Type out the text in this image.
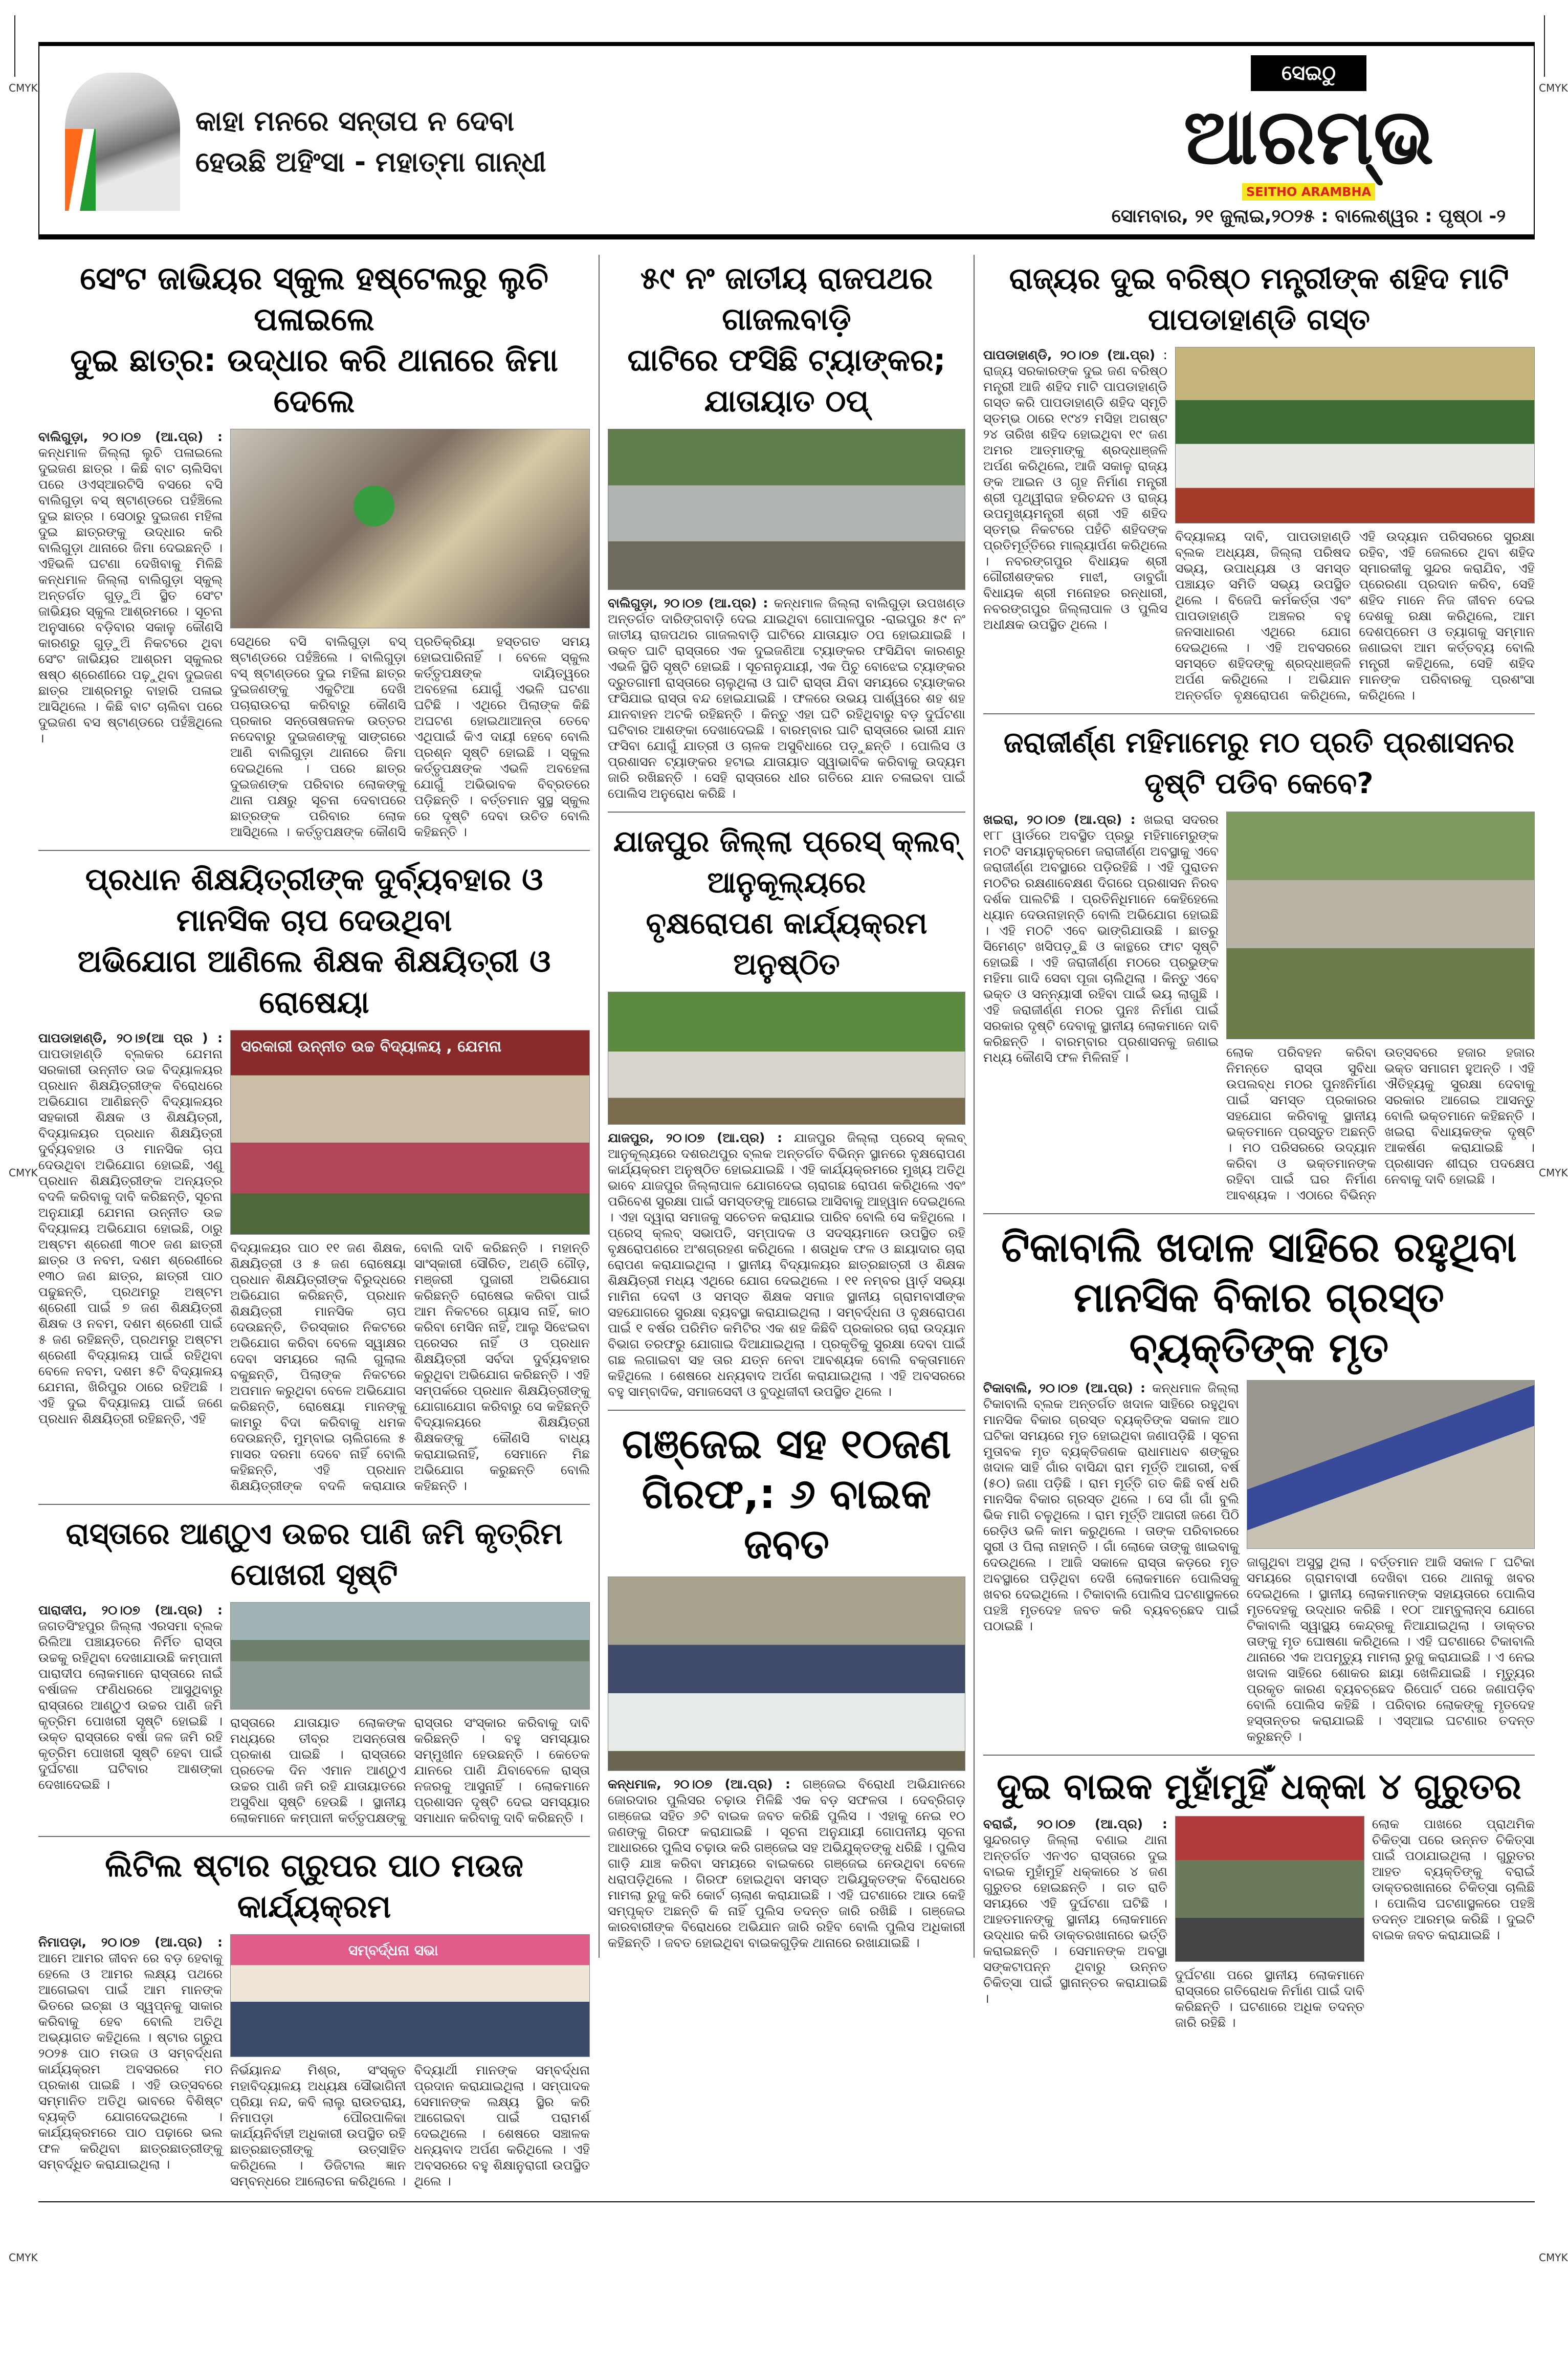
CMYK
CMYK
CMYK
CMYK
CMYK
CMYK
କାହା ମନରେ ସନ୍ତାପ ନ ଦେବା
ହେଉଛି ଅହିଂସା - ମହାତ୍ମା ଗାନ୍ଧୀ
ସେଇଠୁ
ଆରମ୍ଭ
SEITHO ARAMBHA
ସୋମବାର, ୨୧ ଜୁଲାଇ,୨୦୨୫ : ବାଲେଶ୍ୱର : ପୃଷ୍ଠା -୨
ସେଂଟ ଜାଭିୟର ସ୍କୁଲ ହଷ୍ଟେଲରୁ ଲୁଚି ପଳାଇଲେ
ଦୁଇ ଛାତ୍ର: ଉଦ୍ଧାର କରି ଥାନାରେ ଜିମା ଦେଲେ
ବାଲିଗୁଡ଼ା, ୨୦।୦୭ (ଆ.ପ୍ର) : କନ୍ଧମାଳ ଜିଲ୍ଲା ଲୁଚି ପଳାଇଲେ ଦୁଇଜଣ ଛାତ୍ର । କିଛି ବାଟ ଚାଲିସିବା ପରେ ଓଏସ୍ଆରଟିସି ବସରେ ବସି ବାଲିଗୁଡ଼ା ବସ୍ ଷ୍ଟାଣ୍ଡରେ ପହଁଞ୍ଚିଲେ ଦୁଇ ଛାତ୍ର । ସେଠାରୁ ଦୁଇଜଣ ମହିଳା ଦୁଇ ଛାତ୍ରଙ୍କୁ ଉଦ୍ଧାର କରି ବାଲିଗୁଡ଼ା ଥାନାରେ ଜିମା ଦେଇଛନ୍ତି । ଏହିଭଳି ଘଟଣା ଦେଖିବାକୁ ମିଳିଛି କନ୍ଧମାଳ ଜିଲ୍ଲା ବାଲିଗୁଡ଼ା ସ୍କୁଲ୍ ଅନ୍ତର୍ଗତ ଗୁଡ଼ୁଅି ସ୍ଥିତ ସେଂଟ ଜାଭିୟର ସ୍କୁଲ ଆଶ୍ରମରେ । ସୂଚନା ଅନୁସାରେ ବଡ଼ିବାର ସକାଳୁ କୌଣସି କାରଣରୁ ଗୁଡ଼ୁଅି ନିକଟରେ ଥିବା ସେଂଟ ଜାଭିୟର ଆଶ୍ରମ ସ୍କୁଲର ଷଷ୍ଠ ଶ୍ରେଣୀରେ ପଢ଼ୁଥିବା ଦୁଇଜଣ ଛାତ୍ର ଆଶ୍ରମରୁ ବାହାରି ପଳାଇ ଆସିଥିଲେ । କିଛି ବାଟ ଚାଲିବା ପରେ ଦୁଇଜଣ ବସ ଷ୍ଟାଣ୍ଡରେ ପହଁଞ୍ଚିଥିଲେ ।
ସେଥିରେ ବସି ବାଲିଗୁଡ଼ା ବସ୍ ଷ୍ଟାଣ୍ଡରେ ପହଁଞ୍ଚିଲେ । ବାଲିଗୁଡ଼ା ବସ୍ ଷ୍ଟାଣ୍ଡରେ ଦୁଇ ମହିଳା ଛାତ୍ର ଦୁଇଜଣଙ୍କୁ ଏକୁଟିଆ ଦେଖି ପଚାରାଉଚରା କରିବାରୁ କୌଣସି ପ୍ରକାର ସନ୍ତୋଷଜନକ ଉତ୍ତର ନଦେବାରୁ ଦୁଇଜଣଙ୍କୁ ସାଙ୍ଗରେ ଆଣି ବାଲିଗୁଡ଼ା ଥାନାରେ ଜିମା ଦେଇଥିଲେ । ପରେ ଛାତ୍ର ଦୁଇଜଣଙ୍କ ପରିବାର ଲୋକଙ୍କୁ ଥାନା ପକ୍ଷରୁ ସୂଚନା ଦେବାପରେ ଛାତ୍ରଙ୍କ ପରିବାର ଲୋକ ଆସିଥିଲେ । କର୍ତ୍ତୃପକ୍ଷଙ୍କ କୌଣସି ପ୍ରତିକ୍ରିୟା ହସ୍ତଗତ ସମୟ ହୋଇପାରିନାହିଁ । ବେଳେ ସ୍କୁଲ କର୍ତ୍ତୃପକ୍ଷଙ୍କ ଦାୟିତ୍ୱରେ ଅବହେଳା ଯୋଗୁଁ ଏଭଳି ଘଟଣା ଘଟିଛି । ଏଥିରେ ପିଲାଙ୍କ କିଛି ଅଘଟଣ ହୋଇଥାଆନ୍ତା ତେବେ ଏଥିପାଇଁ କିଏ ଦାୟୀ ହେବେ ବୋଲି ପ୍ରଶ୍ନ ସୃଷ୍ଟି ହୋଇଛି । ସ୍କୁଲ କର୍ତ୍ତୃପକ୍ଷଙ୍କ ଏଭଳି ଅବହେଳା ଯୋଗୁଁ ଅଭିଭାବକ ବିବ୍ରତରେ ପଡ଼ିଛନ୍ତି । ବର୍ତ୍ତମାନ ସୁସ୍ଥ ସ୍କୁଲ ରେ ଦୃଷ୍ଟି ଦେବା ଉଚିତ ବୋଲି କହିଛନ୍ତି ।
ପ୍ରଧାନ ଶିକ୍ଷୟିତ୍ରୀଙ୍କ ଦୁର୍ବ୍ୟବହାର ଓ ମାନସିକ ଚାପ ଦେଉଥିବା
ଅଭିଯୋଗ ଆଣିଲେ ଶିକ୍ଷକ ଶିକ୍ଷୟିତ୍ରୀ ଓ ରୋଷେୟା
ପାପଡାହାଣ୍ଡି, ୨୦।୭(ଆ ପ୍ର ) : ପାପଡାହାଣ୍ଡି ବ୍ଲକର ଯେମନା ସରକାରୀ ଉନ୍ନୀତ ଉଚ୍ଚ ବିଦ୍ୟାଳୟର ପ୍ରଧାନ ଶିକ୍ଷୟିତ୍ରୀଙ୍କ ବିରୋଧରେ ଅଭିଯୋଗ ଆଣିଛନ୍ତି ବିଦ୍ୟାଳୟର ସହକାରୀ ଶିକ୍ଷକ ଓ ଶିକ୍ଷୟିତ୍ରୀ, ବିଦ୍ୟାଳୟର ପ୍ରଧାନ ଶିକ୍ଷୟିତ୍ରୀ ଦୁର୍ବ୍ୟବହାର ଓ ମାନସିକ ଚାପ ଦେଉଥିବା ଅଭିଯୋଗ ହୋଇଛି, ଏଣୁ ପ୍ରଧାନ ଶିକ୍ଷୟିତ୍ରୀଙ୍କ ଅନ୍ୟତ୍ର ବଦଳି କରିବାକୁ ଦାବି କରିଛନ୍ତି, ସୂଚନା ଅନୁଯାୟୀ ଯେମନା ଉନ୍ନୀତ ଉଚ୍ଚ ବିଦ୍ୟାଳୟ ଅଭିଯୋଗ ହୋଇଛି, ଠାରୁ ଅଷ୍ଟମ ଶ୍ରେଣୀ ୩୦୧ ଜଣ ଛାତ୍ରୀ ଛାତ୍ର ଓ ନବମ, ଦଶମ ଶ୍ରେଣୀରେ ୧୩୦ ଜଣ ଛାତ୍ର, ଛାତ୍ରୀ ପାଠ ପଢୁଛନ୍ତି, ପ୍ରଥମରୁ ଅଷ୍ଟମ ଶ୍ରେଣୀ ପାଇଁ ୭ ଜଣ ଶିକ୍ଷୟିତ୍ରୀ ଶିକ୍ଷକ ଓ ନବମ, ଦଶମ ଶ୍ରେଣୀ ପାଇଁ ୫ ଜଣ ରହିଛନ୍ତି, ପ୍ରଥମରୁ ଅଷ୍ଟମ ଶ୍ରେଣୀ ବିଦ୍ୟାଳୟ ପାଇଁ ରହିଥିବା ବେଳେ ନବମ, ଦଶମ ୫ଟି ବିଦ୍ୟାଳୟ ଯେମନା, ଖିରିପୁର ଠାରେ ରହିଅଛି । ଏହି ଦୁଇ ବିଦ୍ୟାଳୟ ପାଇଁ ଜଣେ ପ୍ରଧାନ ଶିକ୍ଷୟିତ୍ରୀ ରହିଛନ୍ତି, ଏହି
ସରକାରୀ ଉନ୍ନୀତ ଉଚ୍ଚ ବିଦ୍ୟାଳୟ , ଯେମନା
ବିଦ୍ୟାଳୟର ପାଠ ୧୧ ଜଣ ଶିକ୍ଷକ, ଶିକ୍ଷୟିତ୍ରୀ ଓ ୫ ଜଣ ରୋଷେୟା ପ୍ରଧାନ ଶିକ୍ଷୟିତ୍ରୀଙ୍କ ବିରୁଦ୍ଧରେ ଅଭିଯୋଗ କରିଛନ୍ତି, ପ୍ରଧାନ ଶିକ୍ଷୟିତ୍ରୀ ମାନସିକ ଚାପ ଦେଉଛନ୍ତି, ତିରସ୍କାର ନିକଟରେ ଅଭିଯୋଗ କରିବା ବେଳେ ସ୍ୱାକ୍ଷର ଦେବା ସମୟରେ ଲାଲି ଗୁଲାଲ ବକୁଛନ୍ତି, ପିଲାଙ୍କ ନିକଟରେ ଅପମାନ କରୁଥିବା ବେଳେ ଅଭିଯୋଗ କରିଛନ୍ତି, ରୋଷେୟା ମାନଙ୍କୁ କାମରୁ ବିଦା କରିବାକୁ ଧମକ ଦେଉଛନ୍ତି, ମୁମ୍ବାଇ ଚାଲିଗଲେ ୫ ମାସର ଦରମା ଦେବେ ନାହିଁ ବୋଲି କହିଛନ୍ତି, ଏହି ପ୍ରଧାନ ଶିକ୍ଷୟିତ୍ରୀଙ୍କ ବଦଳି କରାଯାଉ ବୋଲି ଦାବି କରିଛନ୍ତି । ମହାନ୍ତି ସାଂସ୍କାରୀ ସୌରିତ, ଅଣ୍ଡି ଗୌଡ଼, ମଞ୍ଜରୀ ପୁଜାରୀ ଅଭିଯୋଗ କରିଛନ୍ତି ରୋଷେଇ କରିବା ପାଇଁ ଆମ ନିକଟରେ ଗ୍ୟାସ ନାହିଁ, କାଠ କରିବା ମେସିନ ନାହିଁ, ଆଲୁ ସିଝେଇବା ପ୍ରେସର ନାହିଁ ଓ ପ୍ରଧାନ ଶିକ୍ଷୟିତ୍ରୀ ସର୍ବଦା ଦୁର୍ବ୍ୟବହାର କରୁଥିବା ଅଭିଯୋଗ କରିଛନ୍ତି । ଏହି ସମ୍ପର୍କରେ ପ୍ରଧାନ ଶିକ୍ଷୟିତ୍ରୀଙ୍କୁ ଯୋଗାଯୋଗ କରିବାରୁ ସେ କହିଛନ୍ତି ବିଦ୍ୟାଳୟରେ ଶିକ୍ଷୟିତ୍ରୀ ଶିକ୍ଷକଙ୍କୁ କୌଣସି ବାଧ୍ୟ କରାଯାଇନାହିଁ, ସେମାନେ ମିଛ ଅଭିଯୋଗ କରୁଛନ୍ତି ବୋଲି କହିଛନ୍ତି ।
ରାସ୍ତାରେ ଆଣ୍ଠୁଏ ଉଚ୍ଚର ପାଣି ଜମି କୃତ୍ରିମ ପୋଖରୀ ସୃଷ୍ଟି
ପାରାଦୀପ, ୨୦।୦୭ (ଆ.ପ୍ର) : ଜଗତସିଂହପୁର ଜିଲ୍ଲା ଏରସମା ବ୍ଲକ ରିଲିଆ ପଞ୍ଚାୟତରେ ନିର୍ମିତ ରାସ୍ତା ଉଚ୍ଚକୁ ରହିଥିବା ଦେଖାଯାଉଛି କମ୍ପାନୀ ପାରାଦୀପ ଲୋକମାନେ ରାସ୍ତାରେ ନାଇଁ ବର୍ଷାଜଳ ଫଣିଧରରେ ଆସୁଥିବାରୁ ରାସ୍ତାରେ ଆଣ୍ଠୁଏ ଉଚ୍ଚର ପାଣି ଜମି କୃତ୍ରିମ ପୋଖରୀ ସୃଷ୍ଟି ହୋଇଛି । ଉକ୍ତ ରାସ୍ତାରେ ବର୍ଷା ଜଳ ଜମି ରହି କୃତ୍ରିମ ପୋଖରୀ ସୃଷ୍ଟି ହେବା ପାଇଁ ଦୁର୍ଘଟଣା ଘଟିବାର ଆଶଙ୍କା ଦେଖାଦେଇଛି ।
ରାସ୍ତାରେ ଯାତାୟାତ ଲୋକଙ୍କ ମଧ୍ୟରେ ତୀବ୍ର ଅସନ୍ତୋଷ ପ୍ରକାଶ ପାଇଛି । ରାସ୍ତାରେ ପ୍ରତେକ ଦିନ ଏମାନ ଆଣ୍ଠୁଏ ଉଚ୍ଚର ପାଣି ଜମି ରହି ଯାତାୟାତରେ ଅସୁବିଧା ସୃଷ୍ଟି ହେଉଛି । ସ୍ଥାନୀୟ ଲୋକମାନେ କମ୍ପାନୀ କର୍ତ୍ତୃପକ୍ଷଙ୍କୁ ରାସ୍ତାର ସଂସ୍କାର କରିବାକୁ ଦାବି କରିଛନ୍ତି । ବହୁ ସମସ୍ୟାର ସମ୍ମୁଖୀନ ହେଉଛନ୍ତି । କେତେକ ଯାନରେ ପାଣି ଯିବାବେଳେ ରାସ୍ତା ନଜରକୁ ଆସୁନାହିଁ । ଲୋକମାନେ ପ୍ରଶାସନ ଦୃଷ୍ଟି ଦେଇ ସମସ୍ୟାର ସମାଧାନ କରିବାକୁ ଦାବି କରିଛନ୍ତି ।
ଲିଟିଲ ଷ୍ଟାର ଗ୍ରୁପର ପାଠ ମଉଜ କାର୍ଯ୍ୟକ୍ରମ
ନିମାପଡ଼ା, ୨୦।୦୭ (ଆ.ପ୍ର) : ଆମେ ଆମର ଜୀବନ ରେ ବଡ଼ ହେବାକୁ ହେଲେ ଓ ଆମର ଲକ୍ଷ୍ୟ ପଥରେ ଆଗେଇବା ପାଇଁ ଆମ ମାନଙ୍କ ଭିତରେ ଇଚ୍ଛା ଓ ସ୍ୱପ୍ନକୁ ସାକାର କରିବାକୁ ହେବ ବୋଲି ଅତିଥି ଅଭ୍ୟାଗତ କହିଥିଲେ । ଷ୍ଟାର ଗ୍ରୁପ ୨୦୨୫ ପାଠ ମଉଜ ଓ ସମ୍ବର୍ଦ୍ଧନା କାର୍ଯ୍ୟକ୍ରମ ଅବସରରେ ମଠ ପ୍ରକାଶ ପାଇଛି । ଏହି ଉତ୍ସବରେ ସମ୍ମାନିତ ଅତିଥି ଭାବରେ ବିଶିଷ୍ଟ ବ୍ୟକ୍ତି ଯୋଗଦେଇଥିଲେ । କାର୍ଯ୍ୟକ୍ରମରେ ପାଠ ପଢ଼ାରେ ଭଲ ଫଳ କରିଥିବା ଛାତ୍ରଛାତ୍ରୀଙ୍କୁ ସମ୍ବର୍ଦ୍ଧିତ କରାଯାଇଥିଲା ।
ସମ୍ବର୍ଦ୍ଧନା ସଭା
ନିର୍ଭୟାନନ୍ଦ ମିଶ୍ର, ସଂସ୍କୃତ ମହାବିଦ୍ୟାଳୟ ଅଧ୍ୟକ୍ଷ ସୌଭାଗିନୀ ପ୍ରିୟା ନନ୍ଦ, କବି ଲାଲୁ ରାଉତରାୟ, ନିମାପଡ଼ା ପୌରପାଳିକା କାର୍ଯ୍ୟନିର୍ବାହୀ ଅଧିକାରୀ ଉପସ୍ଥିତ ରହି ଛାତ୍ରଛାତ୍ରୀଙ୍କୁ ଉତ୍ସାହିତ କରିଥିଲେ । ଡିଜିଟାଲ ଜ୍ଞାନ ସମ୍ବନ୍ଧରେ ଆଲୋଚନା କରିଥିଲେ । ବିଦ୍ୟାର୍ଥୀ ମାନଙ୍କ ସମ୍ବର୍ଦ୍ଧନା ପ୍ରଦାନ କରାଯାଇଥିଲା । ସମ୍ପାଦକ ସେମାନଙ୍କ ଲକ୍ଷ୍ୟ ସ୍ଥିର କରି ଆଗେଇବା ପାଇଁ ପରାମର୍ଶ ଦେଇଥିଲେ । ଶେଷରେ ସଞ୍ଚାଳକ ଧନ୍ୟବାଦ ଅର୍ପଣ କରିଥିଲେ । ଏହି ଅବସରରେ ବହୁ ଶିକ୍ଷାନୁରାଗୀ ଉପସ୍ଥିତ ଥିଲେ ।
୫୯ ନଂ ଜାତୀୟ ରାଜପଥର ଗାଜଲବାଡ଼ି
ଘାଟିରେ ଫସିଛି ଟ୍ୟାଙ୍କର; ଯାତାୟାତ ଠପ୍
ବାଲିଗୁଡ଼ା, ୨୦।୦୭ (ଆ.ପ୍ର) : କନ୍ଧମାଳ ଜିଲ୍ଲା ବାଲିଗୁଡ଼ା ଉପଖଣ୍ଡ ଅନ୍ତର୍ଗତ ଦାରିଙ୍ଗବାଡ଼ି ଦେଇ ଯାଇଥିବା ଗୋପାଳପୁର -ରାଇପୁର ୫୯ ନଂ ଜାତୀୟ ରାଜପଥର ଗାଜଲବାଡ଼ି ଘାଟିରେ ଯାତାୟାତ ଠପ ହୋଇଯାଇଛି । ଉକ୍ତ ଘାଟି ରାସ୍ତାରେ ଏକ ଦୁଇଜଣିଆ ଟ୍ୟାଙ୍କର ଫସିଯିବା କାରଣରୁ ଏଭଳି ସ୍ଥିତି ସୃଷ୍ଟି ହୋଇଛି । ସୂଚନାନୁଯାୟୀ, ଏକ ପିଚୁ ବୋଝେଇ ଟ୍ୟାଙ୍କର ଦ୍ରୁତଗାମୀ ରାସ୍ତାରେ ଚାଲୁଥିଲା ଓ ଘାଟି ରାସ୍ତା ଯିବା ସମୟରେ ଟ୍ୟାଙ୍କର ଫସିଯାଇ ରାସ୍ତା ବନ୍ଦ ହୋଇଯାଇଛି । ଫଳରେ ଉଭୟ ପାର୍ଶ୍ୱରେ ଶହ ଶହ ଯାନବାହନ ଅଟକି ରହିଛନ୍ତି । କିନ୍ତୁ ଏହା ଘଟି ରହିଥିବାରୁ ବଡ଼ ଦୁର୍ଘଟଣା ଘଟିବାର ଆଶଙ୍କା ଦେଖାଦେଇଛି । ବାରମ୍ବାର ଘାଟି ରାସ୍ତାରେ ଭାରୀ ଯାନ ଫସିବା ଯୋଗୁଁ ଯାତ୍ରୀ ଓ ଚାଳକ ଅସୁବିଧାରେ ପଡ଼ୁଛନ୍ତି । ପୋଲିସ ଓ ପ୍ରଶାସନ ଟ୍ୟାଙ୍କର ହଟାଇ ଯାତାୟାତ ସ୍ୱାଭାବିକ କରିବାକୁ ଉଦ୍ୟମ ଜାରି ରଖିଛନ୍ତି । ସେହି ରାସ୍ତାରେ ଧୀର ଗତିରେ ଯାନ ଚଳାଇବା ପାଇଁ ପୋଲିସ ଅନୁରୋଧ କରିଛି ।
ଯାଜପୁର ଜିଲ୍ଲା ପ୍ରେସ୍ କ୍ଲବ୍ ଆନୁକୂଲ୍ୟରେ
ବୃକ୍ଷରୋପଣ କାର୍ଯ୍ୟକ୍ରମ ଅନୁଷ୍ଠିତ
ଯାଜପୁର, ୨୦।୦୭ (ଆ.ପ୍ର) : ଯାଜପୁର ଜିଲ୍ଲା ପ୍ରେସ୍ କ୍ଲବ୍ ଆନୁକୂଲ୍ୟରେ ଦଶରଥପୁର ବ୍ଲକ ଅନ୍ତର୍ଗତ ବିଭିନ୍ନ ସ୍ଥାନରେ ବୃକ୍ଷରୋପଣ କାର୍ଯ୍ୟକ୍ରମ ଅନୁଷ୍ଠିତ ହୋଇଯାଇଛି । ଏହି କାର୍ଯ୍ୟକ୍ରମରେ ମୁଖ୍ୟ ଅତିଥି ଭାବେ ଯାଜପୁର ଜିଲ୍ଲାପାଳ ଯୋଗଦେଇ ଚାରାଗଛ ରୋପଣ କରିଥିଲେ ଏବଂ ପରିବେଶ ସୁରକ୍ଷା ପାଇଁ ସମସ୍ତଙ୍କୁ ଆଗେଇ ଆସିବାକୁ ଆହ୍ୱାନ ଦେଇଥିଲେ । ଏହା ଦ୍ୱାରା ସମାଜକୁ ସଚେତନ କରାଯାଇ ପାରିବ ବୋଲି ସେ କହିଥିଲେ । ପ୍ରେସ୍ କ୍ଲବ୍ ସଭାପତି, ସମ୍ପାଦକ ଓ ସଦସ୍ୟମାନେ ଉପସ୍ଥିତ ରହି ବୃକ୍ଷରୋପଣରେ ଅଂଶଗ୍ରହଣ କରିଥିଲେ । ଶତାଧିକ ଫଳ ଓ ଛାୟାଦାର ଚାରା ରୋପଣ କରାଯାଇଥିଲା । ସ୍ଥାନୀୟ ବିଦ୍ୟାଳୟର ଛାତ୍ରଛାତ୍ରୀ ଓ ଶିକ୍ଷକ ଶିକ୍ଷୟିତ୍ରୀ ମଧ୍ୟ ଏଥିରେ ଯୋଗ ଦେଇଥିଲେ । ୧୧ ନମ୍ବର ୱାର୍ଡ଼ ସଭ୍ୟା ମାମିନା ଦେବୀ ଓ ସମସ୍ତ ଶିକ୍ଷକ ସମାଜ ସ୍ଥାନୀୟ ଗ୍ରାମବାସୀଙ୍କ ସହଯୋଗରେ ସୁରକ୍ଷା ବ୍ୟବସ୍ଥା କରାଯାଇଥିଲା । ସମ୍ବର୍ଦ୍ଧନା ଓ ବୃକ୍ଷରୋପଣ ପାଇଁ ୧ ବର୍ଷର ପରିମିତ କମିଟିର ଏକ ଶହ କିଛିବି ପ୍ରକାରର ଚାରା ଉଦ୍ୟାନ ବିଭାଗ ତରଫରୁ ଯୋଗାଇ ଦିଆଯାଇଥିଲା । ପ୍ରକୃତିକୁ ସୁରକ୍ଷା ଦେବା ପାଇଁ ଗଛ ଲଗାଇବା ସହ ତାର ଯତ୍ନ ନେବା ଆବଶ୍ୟକ ବୋଲି ବକ୍ତାମାନେ କହିଥିଲେ । ଶେଷରେ ଧନ୍ୟବାଦ ଅର୍ପଣ କରାଯାଇଥିଲା । ଏହି ଅବସରରେ ବହୁ ସାମ୍ବାଦିକ, ସମାଜସେବୀ ଓ ବୁଦ୍ଧିଜୀବୀ ଉପସ୍ଥିତ ଥିଲେ ।
ଗଞ୍ଜେଇ ସହ ୧୦ଜଣ
ଗିରଫ,: ୬ ବାଇକ ଜବତ
କନ୍ଧମାଳ, ୨୦।୦୭ (ଆ.ପ୍ର) : ଗଞ୍ଜେଇ ବିରୋଧୀ ଅଭିଯାନରେ ଜୋରଦାର ପୁଲିସର ଚଢ଼ାଉ ମିଳିଛି ଏକ ବଡ଼ ସଫଳତା । ଦେବ୍ରିଗଡ଼ ଗଞ୍ଜେଇ ସହିତ ୬ଟି ବାଇକ ଜବତ କରିଛି ପୁଲିସ । ଏହାକୁ ନେଇ ୧୦ ଜଣଙ୍କୁ ଗିରଫ କରାଯାଇଛି । ସୂଚନା ଅନୁଯାୟୀ ଗୋପନୀୟ ସୂଚନା ଆଧାରରେ ପୁଲିସ ଚଢ଼ାଉ କରି ଗଞ୍ଜେଇ ସହ ଅଭିଯୁକ୍ତଙ୍କୁ ଧରିଛି । ପୁଲିସ ଗାଡ଼ି ଯାଞ୍ଚ କରିବା ସମୟରେ ବାଇକରେ ଗଞ୍ଜେଇ ନେଉଥିବା ବେଳେ ଧରାପଡ଼ିଥିଲେ । ଗିରଫ ହୋଇଥିବା ସମସ୍ତ ଅଭିଯୁକ୍ତଙ୍କ ବିରୋଧରେ ମାମଲା ରୁଜୁ କରି କୋର୍ଟ ଚାଲାଣ କରାଯାଇଛି । ଏହି ଘଟଣାରେ ଆଉ କେହି ସମ୍ପୃକ୍ତ ଅଛନ୍ତି କି ନାହିଁ ପୁଲିସ ତଦନ୍ତ ଜାରି ରଖିଛି । ଗଞ୍ଜେଇ କାରବାରୀଙ୍କ ବିରୋଧରେ ଅଭିଯାନ ଜାରି ରହିବ ବୋଲି ପୁଲିସ ଅଧିକାରୀ କହିଛନ୍ତି । ଜବତ ହୋଇଥିବା ବାଇକଗୁଡ଼ିକ ଥାନାରେ ରଖାଯାଇଛି ।
ରାଜ୍ୟର ଦୁଇ ବରିଷ୍ଠ ମନ୍ତ୍ରୀଙ୍କ ଶହିଦ ମାଟି ପାପଡାହାଣ୍ଡି ଗସ୍ତ
ପାପଡାହାଣ୍ଡି, ୨୦।୦୭ (ଆ.ପ୍ର) : ରାଜ୍ୟ ସରକାରଙ୍କ ଦୁଇ ଜଣ ବରିଷ୍ଠ ମନ୍ତ୍ରୀ ଆଜି ଶହିଦ ମାଟି ପାପଡାହାଣ୍ଡି ଗସ୍ତ କରି ପାପଡାହାଣ୍ଡି ଶହିଦ ସ୍ମୃତି ସ୍ତମ୍ଭ ଠାରେ ୧୯୪୨ ମସିହା ଅଗଷ୍ଟ ୨୪ ତାରିଖ ଶହିଦ ହୋଇଥିବା ୧୯ ଜଣ ଅମର ଆତ୍ମାଙ୍କୁ ଶ୍ରଦ୍ଧାଞ୍ଜଳି ଅର୍ପଣ କରିଥିଲେ, ଆଜି ସକାଳୁ ରାଜ୍ୟ ଙ୍କ ଆଇନ ଓ ଗୃହ ନିର୍ମାଣ ମନ୍ତ୍ରୀ ଶ୍ରୀ ପୃଥ୍ୱୀରାଜ ହରିଚନ୍ଦନ ଓ ରାଜ୍ୟ ଉପମୁଖ୍ୟମନ୍ତ୍ରୀ ଶ୍ରୀ ଏହି ଶହିଦ ସ୍ତମ୍ଭ ନିକଟରେ ପହଁଚି ଶହିଦଙ୍କ ପ୍ରତିମୂର୍ତ୍ତିରେ ମାଲ୍ୟାର୍ପଣ କରିଥିଲେ । ନବରଙ୍ଗପୁର ବିଧାୟକ ଶ୍ରୀ ଗୌରୀଶଙ୍କର ମାଝୀ, ଡାବୁଗାଁ ବିଧାୟକ ଶ୍ରୀ ମନୋହର ରନ୍ଧାରୀ, ନବରଙ୍ଗପୁର ଜିଲ୍ଲାପାଳ ଓ ପୁଲିସ ଅଧୀକ୍ଷକ ଉପସ୍ଥିତ ଥିଲେ ।
ବିଦ୍ୟାଳୟ ଦାବି, ପାପଡାହାଣ୍ଡି ବ୍ଲକ ଅଧ୍ୟକ୍ଷ, ଜିଲ୍ଲା ପରିଷଦ ସଭ୍ୟ, ଉପାଧ୍ୟକ୍ଷ ଓ ସମସ୍ତ ପଞ୍ଚାୟତ ସମିତି ସଭ୍ୟ ଉପସ୍ଥିତ ଥିଲେ । ବିଜେପି କର୍ମକର୍ତ୍ତା ଏବଂ ପାପଡାହାଣ୍ଡି ଅଞ୍ଚଳର ବହୁ ଜନସାଧାରଣ ଏଥିରେ ଯୋଗ ଦେଇଥିଲେ । ଏହି ଅବସରରେ ସମସ୍ତେ ଶହିଦଙ୍କୁ ଶ୍ରଦ୍ଧାଞ୍ଜଳି ଅର୍ପଣ କରିଥିଲେ । ଅଭିଯାନ ଅନ୍ତର୍ଗତ ବୃକ୍ଷରୋପଣ କରିଥିଲେ, ଏହି ଉଦ୍ୟାନ ପରିସରରେ ସୁରକ୍ଷା ରହିବ, ଏହି ଜେଲରେ ଥିବା ଶହିଦ ସ୍ମାରକୀକୁ ସୁନ୍ଦର କରାଯିବ, ଏହି ପ୍ରେରଣା ପ୍ରଦାନ କରିବ, ସେହି ଶହିଦ ମାନେ ନିଜ ଜୀବନ ଦେଇ ଦେଶକୁ ରକ୍ଷା କରିଥିଲେ, ଆମ ଦେଶପ୍ରେମ ଓ ତ୍ୟାଗକୁ ସମ୍ମାନ ଜଣାଇବା ଆମ କର୍ତ୍ତବ୍ୟ ବୋଲି ମନ୍ତ୍ରୀ କହିଥିଲେ, ସେହି ଶହିଦ ମାନଙ୍କ ପରିବାରକୁ ପ୍ରଶଂସା କରିଥିଲେ ।
ଜରାଜୀର୍ଣ୍ଣ ମହିମାମେରୁ ମଠ ପ୍ରତି ପ୍ରଶାସନର ଦୃଷ୍ଟି ପଡିବ କେବେ?
ଖଇରା, ୨୦।୦୭ (ଆ.ପ୍ର) : ଖଇରା ସଦରର ୧୮୮ ୱାର୍ଡରେ ଅବସ୍ଥିତ ପ୍ରଭୁ ମହିମାମେରୁଙ୍କ ମଠଟି ସମୟାନୁକ୍ରମେ ଜରାଜୀର୍ଣ୍ଣ ଅବସ୍ଥାକୁ ଏବେ ଜରାଜୀର୍ଣ୍ଣ ଅବସ୍ଥାରେ ପଡ଼ିରହିଛି । ଏହି ପୁରାତନ ମଠଟିର ରକ୍ଷଣାବେକ୍ଷଣ ଦିଗରେ ପ୍ରଶାସନ ନିରବ ଦର୍ଶକ ପାଲଟିଛି । ପ୍ରତିନିଧିମାନେ କେହିହେଲେ ଧ୍ୟାନ ଦେଉନାହାନ୍ତି ବୋଲି ଅଭିଯୋଗ ହୋଇଛି । ଏହି ମଠଟି ଏବେ ଭାଙ୍ଗିଯାଉଛି । ଛାତରୁ ସିମେଣ୍ଟ ଖସିପଡ଼ୁଛି ଓ କାନ୍ଥରେ ଫାଟ ସୃଷ୍ଟି ହୋଇଛି । ଏହି ଜରାଜୀର୍ଣ୍ଣ ମଠରେ ପ୍ରଭୁଙ୍କ ମହିମା ଗାଦି ସେବା ପୂଜା ଚାଲିଥିଲା । କିନ୍ତୁ ଏବେ ଭକ୍ତ ଓ ସନ୍ନ୍ୟାସୀ ରହିବା ପାଇଁ ଭୟ ଲାଗୁଛି । ଏହି ଜରାଜୀର୍ଣ୍ଣ ମଠର ପୁନଃ ନିର୍ମାଣ ପାଇଁ ସରକାର ଦୃଷ୍ଟି ଦେବାକୁ ସ୍ଥାନୀୟ ଲୋକମାନେ ଦାବି କରିଛନ୍ତି । ବାରମ୍ବାର ପ୍ରଶାସନକୁ ଜଣାଇ ମଧ୍ୟ କୌଣସି ଫଳ ମିଳିନାହିଁ ।	ଲୋକ ପରିବହନ କରିବା ନିମନ୍ତେ ରାସ୍ତା ସୁବିଧା ଉପଲବ୍ଧ ମଠର ପୁନଃନିର୍ମାଣ ପାଇଁ ସମସ୍ତ ପ୍ରକାରର ସହଯୋଗ କରିବାକୁ ସ୍ଥାନୀୟ ଭକ୍ତମାନେ ପ୍ରସ୍ତୁତ ଅଛନ୍ତି । ମଠ ପରିସରରେ ଉଦ୍ୟାନ କରିବା ଓ ଭକ୍ତମାନଙ୍କ ରହିବା ପାଇଁ ଘର ନିର୍ମାଣ ଆବଶ୍ୟକ । ଏଠାରେ ବିଭିନ୍ନ ଉତ୍ସବରେ ହଜାର ହଜାର ଭକ୍ତ ସମାଗମ ହୁଅନ୍ତି । ଏହି ଐତିହ୍ୟକୁ ସୁରକ୍ଷା ଦେବାକୁ ସରକାର ଆଗେଇ ଆସନ୍ତୁ ବୋଲି ଭକ୍ତମାନେ କହିଛନ୍ତି । ଖଇରା ବିଧାୟକଙ୍କ ଦୃଷ୍ଟି ଆକର୍ଷଣ କରାଯାଇଛି । ପ୍ରଶାସନ ଶୀଘ୍ର ପଦକ୍ଷେପ ନେବାକୁ ଦାବି ହୋଇଛି ।
ଟିକାବାଲି ଖଦାଳ ସାହିରେ ରହୁଥିବା
ମାନସିକ ବିକାର ଗ୍ରସ୍ତ ବ୍ୟକ୍ତିଙ୍କ ମୃତ
ଟିକାବାଲି, ୨୦।୦୭ (ଆ.ପ୍ର) : କନ୍ଧମାଳ ଜିଲ୍ଲା ଟିକାବାଲି ବ୍ଲକ ଅନ୍ତର୍ଗତ ଖଦାଳ ସାହିରେ ରହୁଥିବା ମାନସିକ ବିକାର ଗ୍ରସ୍ତ ବ୍ୟକ୍ତିଙ୍କ ସକାଳ ଆଠ ଘଟିକା ସମୟରେ ମୃତ ହୋଇଥିବା ଜଣାପଡ଼ିଛି । ସୂଚନା ମୁତାବକ ମୃତ ବ୍ୟକ୍ତିଜଣକ ରାଧାମାଧବ ଶଙ୍କୁର ଖଦାଳ ସାହି ଗାଁର ବାସିନ୍ଦା ରାମ ମୂର୍ତ୍ତି ଆଗରୀ, ବର୍ଷ (୫୦) ଜଣା ପଡ଼ିଛି । ରାମ ମୂର୍ତ୍ତି ଗତ କିଛି ବର୍ଷ ଧରି ମାନସିକ ବିକାର ଗ୍ରସ୍ତ ଥିଲେ । ସେ ଗାଁ ଗାଁ ବୁଲି ଭିକ ମାଗି ଚଳୁଥିଲେ । ରାମ ମୂର୍ତ୍ତି ଆଗରୀ ଜଣେ ପିଠି ରେଡ଼ିଓ ଭଳି କାମ କରୁଥିଲେ । ତାଙ୍କ ପରିବାରରେ ସ୍ତ୍ରୀ ଓ ପିଲା ନାହାନ୍ତି । ଗାଁ ଲୋକେ ତାଙ୍କୁ ଖାଇବାକୁ ଦେଉଥିଲେ । ଆଜି ସକାଳେ ରାସ୍ତା କଡ଼ରେ ମୃତ ଅବସ୍ଥାରେ ପଡ଼ିଥିବା ଦେଖି ଲୋକମାନେ ପୋଲିସକୁ ଖବର ଦେଇଥିଲେ । ଟିକାବାଲି ପୋଲିସ ଘଟଣାସ୍ଥଳରେ ପହଞ୍ଚି ମୃତଦେହ ଜବତ କରି ବ୍ୟବଚ୍ଛେଦ ପାଇଁ ପଠାଇଛି ।
ଜାଗୁଥିବା ଅସୁସ୍ଥ ଥିଲା । ବର୍ତ୍ତମାନ ଆଜି ସକାଳ ୮ ଘଟିକା ସମୟରେ ଗ୍ରାମବାସୀ ଦେଖିବା ପରେ ଥାନାକୁ ଖବର ଦେଇଥିଲେ । ସ୍ଥାନୀୟ ଲୋକମାନଙ୍କ ସହାୟତାରେ ପୋଲିସ ମୃତଦେହକୁ ଉଦ୍ଧାର କରିଛି । ୧୦୮ ଆମ୍ବୁଲାନ୍ସ ଯୋଗେ ଟିକାବାଲି ସ୍ୱାସ୍ଥ୍ୟ କେନ୍ଦ୍ରକୁ ନିଆଯାଇଥିଲା । ଡାକ୍ତର ତାଙ୍କୁ ମୃତ ଘୋଷଣା କରିଥିଲେ । ଏହି ଘଟଣାରେ ଟିକାବାଲି ଥାନାରେ ଏକ ଅପମୃତ୍ୟୁ ମାମଲା ରୁଜୁ କରାଯାଇଛି । ଏ ନେଇ ଖଦାଳ ସାହିରେ ଶୋକର ଛାୟା ଖେଳିଯାଇଛି । ମୃତ୍ୟୁର ପ୍ରକୃତ କାରଣ ବ୍ୟବଚ୍ଛେଦ ରିପୋର୍ଟ ପରେ ଜଣାପଡ଼ିବ ବୋଲି ପୋଲିସ କହିଛି । ପରିବାର ଲୋକଙ୍କୁ ମୃତଦେହ ହସ୍ତାନ୍ତର କରାଯାଇଛି । ଏସ୍ଆଇ ଘଟଣାର ତଦନ୍ତ କରୁଛନ୍ତି ।
ଦୁଇ ବାଇକ ମୁହାଁମୁହିଁ ଧକ୍କା ୪ ଗୁରୁତର
ବରାଇଁ, ୨୦।୦୭ (ଆ.ପ୍ର) : ସୁନ୍ଦରଗଡ଼ ଜିଲ୍ଲା ବଣାଇ ଥାନା ଅନ୍ତର୍ଗତ ଏନଏଚ ରାସ୍ତାରେ ଦୁଇ ବାଇକ ମୁହାଁମୁହିଁ ଧକ୍କାରେ ୪ ଜଣ ଗୁରୁତର ହୋଇଛନ୍ତି । ଗତ ରାତି ସମୟରେ ଏହି ଦୁର୍ଘଟଣା ଘଟିଛି । ଆହତମାନଙ୍କୁ ସ୍ଥାନୀୟ ଲୋକମାନେ ଉଦ୍ଧାର କରି ଡାକ୍ତରଖାନାରେ ଭର୍ତ୍ତି କରାଇଛନ୍ତି । ସେମାନଙ୍କ ଅବସ୍ଥା ସଙ୍କଟାପନ୍ନ ଥିବାରୁ ଉନ୍ନତ ଚିକିତ୍ସା ପାଇଁ ସ୍ଥାନାନ୍ତର କରାଯାଇଛି ।
ଦୁର୍ଘଟଣା ପରେ ସ୍ଥାନୀୟ ଲୋକମାନେ ରାସ୍ତାରେ ଗତିରୋଧକ ନିର୍ମାଣ ପାଇଁ ଦାବି କରିଛନ୍ତି । ଘଟଣାରେ ଅଧିକ ତଦନ୍ତ ଜାରି ରହିଛି ।
ଲୋକ ପାଖରେ ପ୍ରାଥମିକ ଚିକିତ୍ସା ପରେ ଉନ୍ନତ ଚିକିତ୍ସା ପାଇଁ ପଠାଯାଇଥିଲା । ଗୁରୁତର ଆହତ ବ୍ୟକ୍ତିଙ୍କୁ ବରାଇଁ ଡାକ୍ତରଖାନାରେ ଚିକିତ୍ସା ଚାଲିଛି । ପୋଲିସ ଘଟଣାସ୍ଥଳରେ ପହଞ୍ଚି ତଦନ୍ତ ଆରମ୍ଭ କରିଛି । ଦୁଇଟି ବାଇକ ଜବତ କରାଯାଇଛି ।
